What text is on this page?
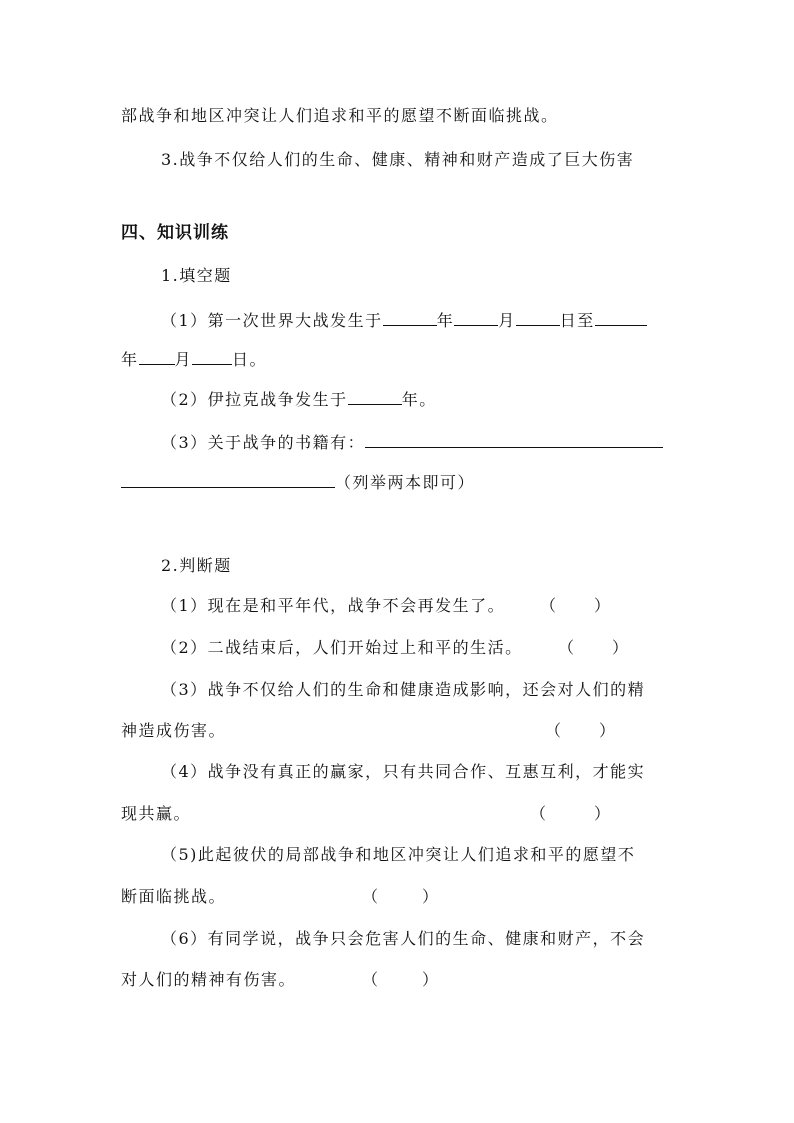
部战争和地区冲突让人们追求和平的愿望不断面临挑战。
3.战争不仅给人们的生命、健康、精神和财产造成了巨大伤害
四、知识训练
1.填空题
（1）第一次世界大战发生于	年	月	日至
年 月	日。
（2）伊拉克战争发生于	年。
（3）关于战争的书籍有：
（列举两本即可）
2.判断题
（1）现在是和平年代，战争不会再发生了。 （ ）
（2）二战结束后，人们开始过上和平的生活。 （ ）
（3）战争不仅给人们的生命和健康造成影响，还会对人们的精
神造成伤害。	（ ）
（4）战争没有真正的赢家，只有共同合作、互惠互利，才能实
现共赢。	（	）
（5)此起彼伏的局部战争和地区冲突让人们追求和平的愿望不
断面临挑战。	（	）
（6）有同学说，战争只会危害人们的生命、健康和财产，不会
对人们的精神有伤害。	（	）
